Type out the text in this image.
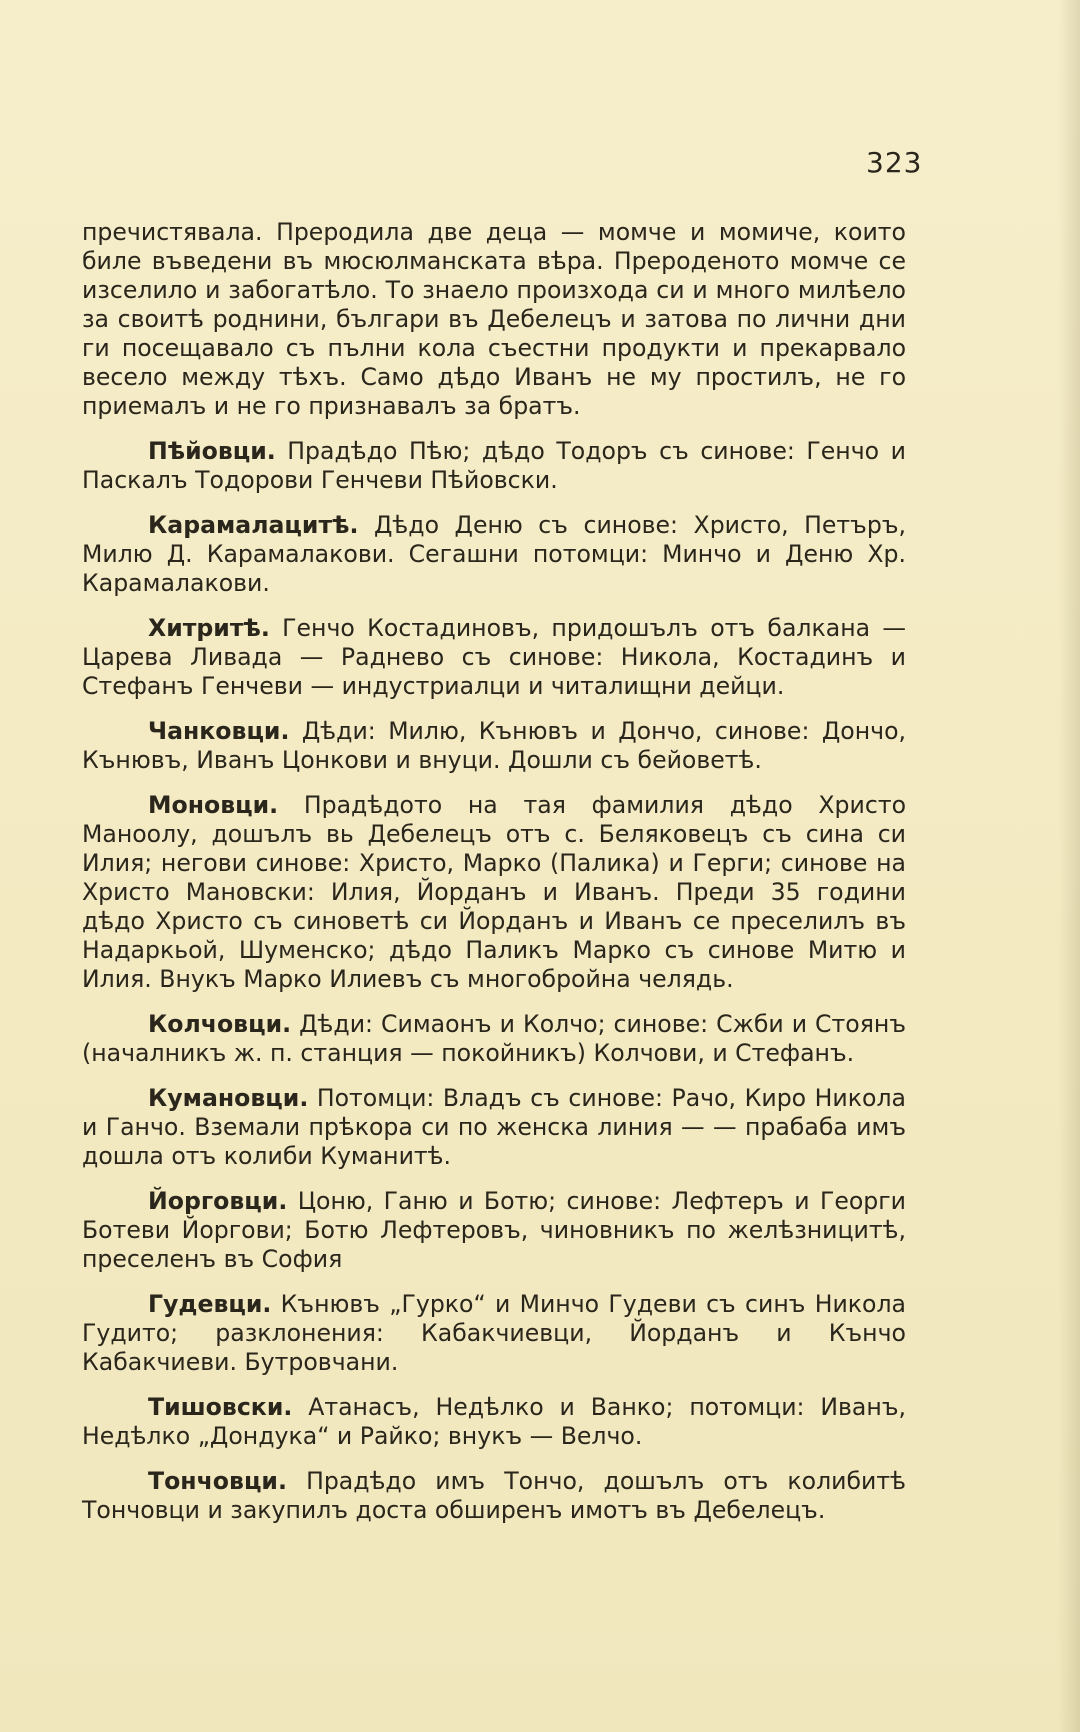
323

пречистявала. Прeродила две деца — момче и момиче, които биле въведени въ мюсюлманската вѣра. Прeродeното момче се изселило и забогатѣло. То знаело произхода си и много милѣело за своитѣ роднини, българи въ Дебелецъ и затова по лични дни ги посещавало съ пълни кола съестни продукти и прекарвало весело между тѣхъ. Само дѣдо Иванъ не му простилъ, не го приемалъ и не го признавалъ за братъ.

Пѣйовци. Прадѣдо Пѣю; дѣдо Тодоръ съ синове: Генчо и Паскалъ Тодорови Генчеви Пѣйовски.

Карамалацитѣ. Дѣдо Деню съ синове: Христо, Петъръ, Милю Д. Карамалакови. Сегашни потомци: Минчо и Деню Хр. Карамалакови.

Хитритѣ. Генчо Костадиновъ, придошълъ отъ балкана — Царева Ливада — Раднево съ синове: Никола, Костадинъ и Стефанъ Генчеви — индустриалци и читалищни дейци.

Чанковци. Дѣди: Милю, Кънювъ и Дончо, синове: Дончо, Кънювъ, Иванъ Цонкови и внуци. Дошли съ бейоветѣ.

Моновци. Прадѣдото на тая фамилия дѣдо Христо Маноолу, дошълъ вь Дебелецъ отъ с. Беляковецъ съ сина си Илия; негови синове: Христо, Марко (Палика) и Герги; синове на Христо Мановски: Илия, Йорданъ и Иванъ. Преди 35 години дѣдо Христо съ синоветѣ си Йорданъ и Иванъ се преселилъ въ Надаркьой, Шуменско; дѣдо Паликъ Марко съ синове Митю и Илия. Внукъ Марко Илиевъ съ многобройна челядь.

Колчовци. Дѣди: Симаонъ и Колчо; синове: Сжби и Стоянъ (началникъ ж. п. станция — покойникъ) Колчови, и Стефанъ.

Кумановци. Потомци: Владъ съ синове: Рачо, Киро Никола и Ганчо. Вземали прѣкора си по женска линия — — прабаба имъ дошла отъ колиби Куманитѣ.

Йорговци. Цоню, Ганю и Ботю; синове: Лефтеръ и Георги Ботеви Йоргови; Ботю Лефтеровъ, чиновникъ по желѣзницитѣ, преселенъ въ София

Гудевци. Кънювъ „Гурко“ и Минчо Гудеви съ синъ Никола Гудито; разклонения: Кабакчиевци, Йорданъ и Кънчо Кабакчиеви. Бутровчани.

Тишовски. Атанасъ, Недѣлко и Ванко; потомци: Иванъ, Недѣлко „Дондука“ и Райко; внукъ — Велчо.

Тончовци. Прадѣдо имъ Тончо, дошълъ отъ колибитѣ Тончовци и закупилъ доста обширенъ имотъ въ Дебелецъ.
